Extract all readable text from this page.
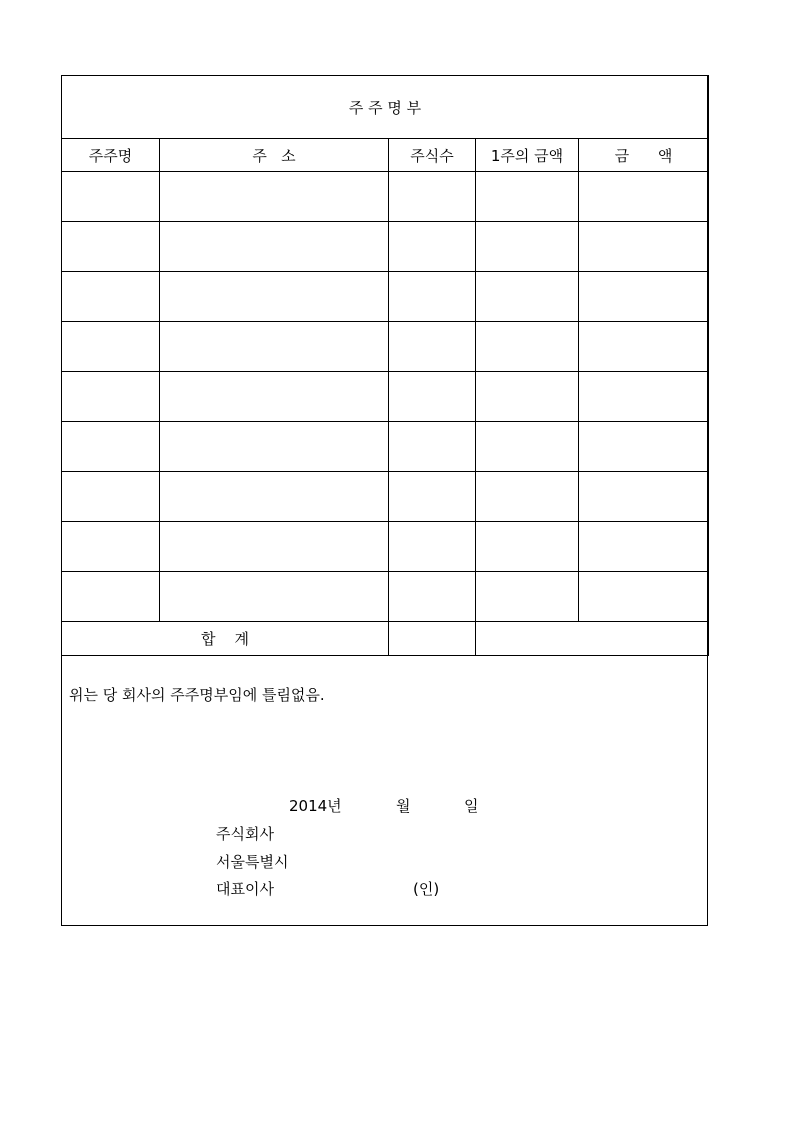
주 주 명 부				
주주명	주   소	주식수	1주의 금액	금      액

합    계				
위는 당 회사의 주주명부임에 틀림없음.
2014년	월	일
주식회사
서울특별시
대표이사	(인)
